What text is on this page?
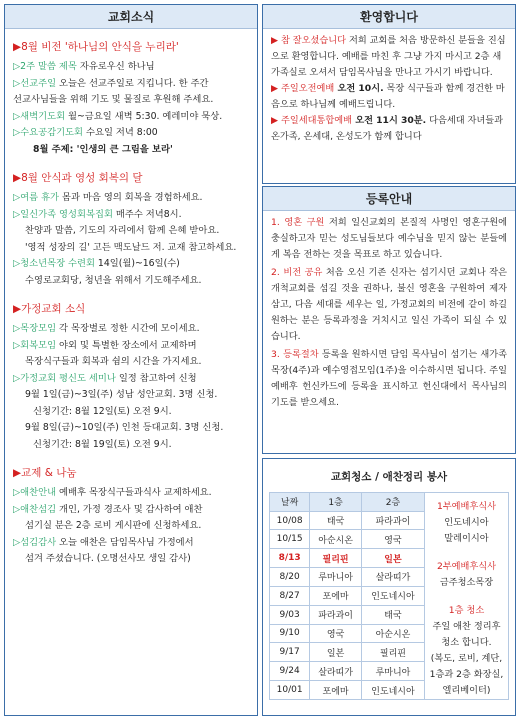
교회소식
▶8월 비전 '하나님의 안식을 누리라'
▷2주 말씀 제목 자유로우신 하나님
▷선교주일 오늘은 선교주일로 지킵니다. 한 주간
선교사님들을 위해 기도 및 물질로 후원해 주세요.
▷새벽기도회 월~금요일 새벽 5:30. 예레미야 묵상.
▷수요공감기도회 수요일 저녁 8:00
8월 주제: '인생의 큰 그림을 보라'
▶8월 안식과 영성 회복의 달
▷여름 휴가 몸과 마음 영의 회복을 경험하세요.
▷일신가족 영성회복집회 매주수 저녁8시.
찬양과 말씀, 기도의 자리에서 함께 은혜 받아요.
'영적 성장의 길' 고든 맥도날드 저. 교재 참고하세요.
▷청소년목장 수련회 14일(월)~16일(수)
수영로교회당, 청년을 위해서 기도해주세요.
▶가정교회 소식
▷목장모임 각 목장별로 정한 시간에 모이세요.
▷회복모임 야외 및 특별한 장소에서 교제하며
목장식구들과 회복과 쉼의 시간을 가지세요.
▷가정교회 평신도 세미나 일정 참고하여 신청
9월 1일(금)~3일(주) 성남 성안교회. 3명 신청.
신청기간: 8월 12일(토) 오전 9시.
9월 8일(금)~10일(주) 인천 등대교회. 3명 신청.
신청기간: 8월 19일(토) 오전 9시.
▶교제 & 나눔
▷애찬안내 예배후 목장식구들과식사 교제하세요.
▷애찬섬김 개인, 가정 경조사 및 감사하여 애찬
섬기실 분은 2층 로비 게시판에 신청하세요.
▷섬김감사 오늘 애찬은 담임목사님 가정에서
섬겨 주셨습니다. (오명선사모 생일 감사)
환영합니다

▶ 참 잘오셨습니다 저희 교회를 처음 방문하신 분들을 진심으로 환영합니다. 예배를 마친 후 그냥 가지 마시고 2층 새가족실로 오셔서 담임목사님을 만나고 가시기 바랍니다.

▶ 주일오전예배 오전 10시. 목장 식구들과 함께 경건한 마음으로 하나님께 예배드립니다.

▶ 주일세대통합예배 오전 11시 30분. 다음세대 자녀들과 온가족, 온세대, 온성도가 함께 합니다

등록안내

1. 영혼 구원 저희 일신교회의 본질적 사명인 영혼구원에 충실하고자 믿는 성도님들보다 예수님을 믿지 않는 분들에게 복음 전하는 것을 목표로 하고 있습니다.

2. 비전 공유 처음 오신 기존 신자는 섬기시던 교회나 작은 개척교회를 섬길 것을 권하나, 불신 영혼을 구원하여 제자 삼고, 다음 세대를 세우는 일, 가정교회의 비전에 같이 하길 원하는 분은 등록과정을 거치시고 일신 가족이 되실 수 있습니다.

3. 등록절차 등록을 원하시면 담임 목사님이 섬기는 새가족목장(4주)과 예수영접모임(1주)을 이수하시면 됩니다. 주일예배후 헌신카드에 등록을 표시하고 헌신대에서 목사님의 기도를 받으세요.

교회청소 / 애찬정리 봉사
날짜	1층	2층
10/08	태국	파라과이
10/15	아순시온	영국
8/13	필리핀	일본
8/20	루마니아	살라띠가
8/27	포에마	인도네시아
9/03	파라과이	태국
9/10	영국	아순시온
9/17	일본	필리핀
9/24	살라띠가	루마니아
10/01	포에마	인도네시아
1부예배후식사
인도네시아
말레이시아
2부예배후식사
금주청소목장
1층 청소
주일 애찬 정리후
청소 합니다.
(복도, 로비, 계단,
1층과 2층 화장실,
엘리베이터)
